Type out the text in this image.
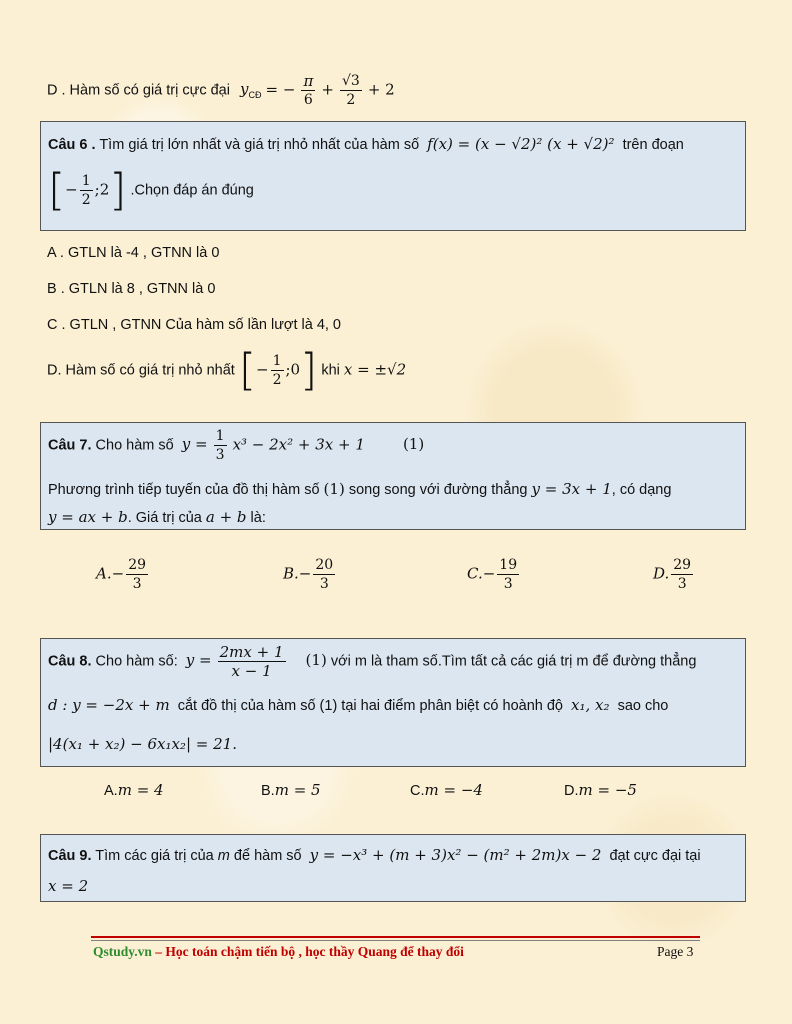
D . Hàm số có giá trị cực đại $y_{CĐ}$ = − $\frac{\pi}{6} + \frac{√3}{2} + 2$
Câu 6 . Tìm giá trị lớn nhất và giá trị nhỏ nhất của hàm số f(x) = (x − √2)² (x + √2)² trên đoạn
[− $\frac{1}{2}$ ;2] .Chọn đáp án đúng
A . GTLN là -4 , GTNN là 0
B . GTLN là 8 , GTNN là 0
C . GTLN , GTNN Của hàm số lần lượt là 4, 0
D. Hàm số có giá trị nhỏ nhất [− $\frac{1}{2}$ ;0] khi x = ±√2
Câu 7. Cho hàm số $y = \frac{1}{3} x^3 - 2x^2 + 3x + 1$	(1)
Phương trình tiếp tuyến của đồ thị hàm số (1) song song với đường thẳng y = 3x + 1, có dạng
y = ax + b. Giá trị của a + b là:
$A.- \frac{29}{3}$	$B.- \frac{20}{3}$	$C.- \frac{19}{3}$	D. $\frac{29}{3}$
Câu 8. Cho hàm số: $y = \frac{2mx + 1}{x - 1} (1)$ với m là tham số.Tìm tất cả các giá trị m để đường thẳng
d : y = −2x + m cắt đồ thị của hàm số (1) tại hai điểm phân biệt có hoành độ x₁, x₂ sao cho
|4(x₁ + x₂) − 6x₁x₂| = 21.
A.m = 4	B.m = 5	C.m = −4	D.m = −5
Câu 9. Tìm các giá trị của m để hàm số y = −x³ + (m + 3)x² − (m² + 2m)x − 2 đạt cực đại tại
x = 2
Qstudy.vn – Học toán chậm tiến bộ , học thầy Quang để thay đổi	Page 3
